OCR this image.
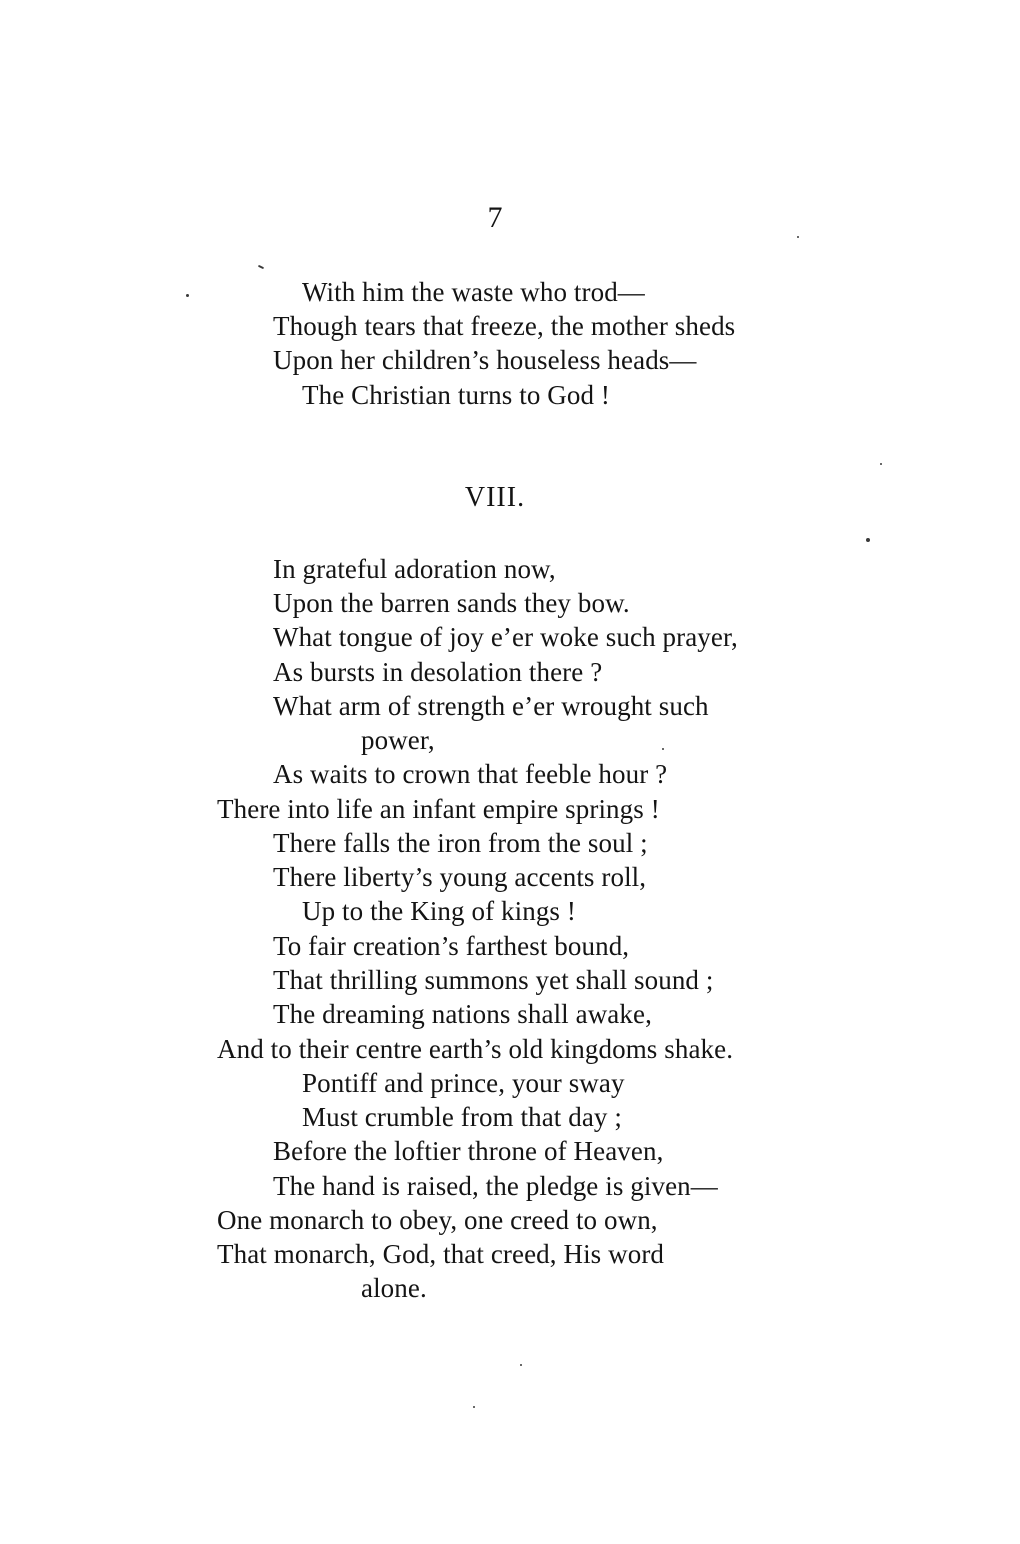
7
With him the waste who trod—
Though tears that freeze, the mother sheds
Upon her children’s houseless heads—
The Christian turns to God !
VIII.
In grateful adoration now,
Upon the barren sands they bow.
What tongue of joy e’er woke such prayer,
As bursts in desolation there ?
What arm of strength e’er wrought such
power,
As waits to crown that feeble hour ?
There into life an infant empire springs !
There falls the iron from the soul ;
There liberty’s young accents roll,
Up to the King of kings !
To fair creation’s farthest bound,
That thrilling summons yet shall sound ;
The dreaming nations shall awake,
And to their centre earth’s old kingdoms shake.
Pontiff and prince, your sway
Must crumble from that day ;
Before the loftier throne of Heaven,
The hand is raised, the pledge is given—
One monarch to obey, one creed to own,
That monarch, God, that creed, His word
alone.
